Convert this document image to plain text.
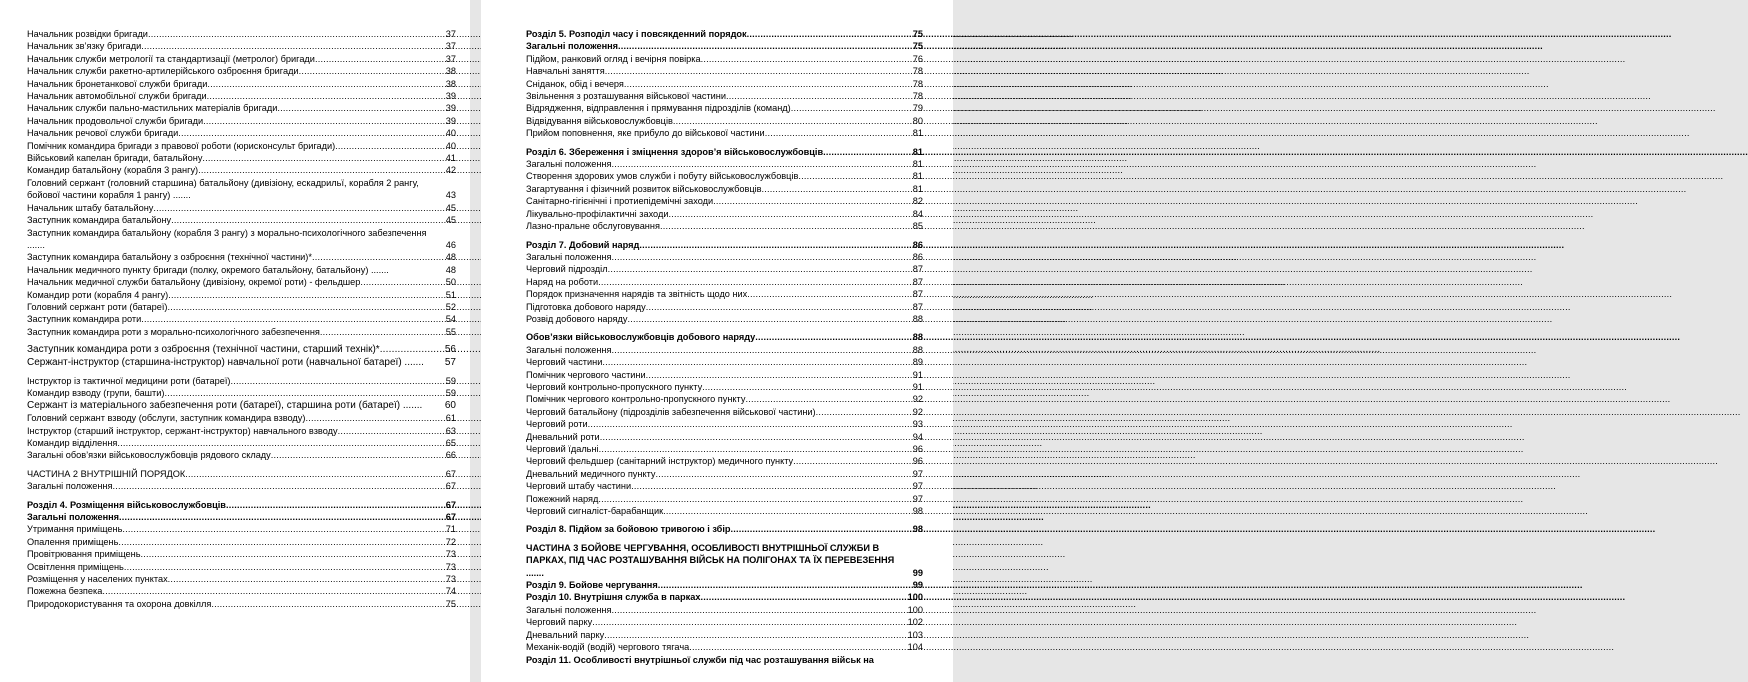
Начальник розвідки бригади .....	37
Начальник зв’язку бригади .....	37
Начальник служби метрології та стандартизації (метролог) бригади .....	37
Начальник служби ракетно-артилерійського озброєння бригади .....	38
Начальник бронетанкової служби бригади .....	38
Начальник автомобільної служби бригади .....	39
Начальник служби пально-мастильних матеріалів бригади .....	39
Начальник продовольчої служби бригади .....	39
Начальник речової служби бригади .....	40
Помічник командира бригади з правової роботи (юрисконсульт бригади) .....	40
Військовий капелан бригади, батальйону .....	41
Командир батальйону (корабля 3 рангу) .....	42
Головний сержант (головний старшина) батальйону (дивізіону, ескадрильї, корабля 2 рангу, бойової частини корабля 1 рангу) .......	43
Начальник штабу батальйону .....	45
Заступник командира батальйону .....	45
Заступник командира батальйону (корабля 3 рангу) з морально-психологічного забезпечення .......	46
Заступник командира батальйону з озброєння (технічної частини)* .....	48
Начальник медичного пункту бригади (полку, окремого батальйону, батальйону) .......	48
Начальник медичної служби батальйону (дивізіону, окремої роти) - фельдшер .....	50
Командир роти (корабля 4 рангу) .....	51
Головний сержант роти (батареї) .....	52
Заступник командира роти .....	54
Заступник командира роти з морально-психологічного забезпечення .....	55
Заступник командира роти з озброєння (технічної частини, старший технік)* .....	56
Сержант-інструктор (старшина-інструктор) навчальної роти (навчальної батареї) .......	57
Інструктор із тактичної медицини роти (батареї) .....	59
Командир взводу (групи, башти) .....	59
Сержант із матеріального забезпечення роти (батареї), старшина роти (батареї) .......	60
Головний сержант взводу (обслуги, заступник командира взводу) .....	61
Інструктор (старший інструктор, сержант-інструктор) навчального взводу .....	63
Командир відділення .....	65
Загальні обов’язки військовослужбовців рядового складу .....	66
ЧАСТИНА 2 ВНУТРІШНІЙ ПОРЯДОК .....	67
Загальні положення .....	67
Розділ 4. Розміщення військовослужбовців .....	67
Загальні положення .....	67
Утримання приміщень .....	71
Опалення приміщень .....	72
Провітрювання приміщень .....	73
Освітлення приміщень .....	73
Розміщення у населених пунктах .....	73
Пожежна безпека .....	74
Природокористування та охорона довкілля .....	75
Розділ 5. Розподіл часу і повсякденний порядок .....	75
Загальні положення .....	75
Підйом, ранковий огляд і вечірня повірка .....	76
Навчальні заняття .....	78
Сніданок, обід і вечеря .....	78
Звільнення з розташування військової частини .....	78
Відрядження, відправлення і прямування підрозділів (команд) .....	79
Відвідування військовослужбовців .....	80
Прийом поповнення, яке прибуло до військової частини .....	81
Розділ 6. Збереження і зміцнення здоров’я військовослужбовців .....	81
Загальні положення .....	81
Створення здорових умов служби і побуту військовослужбовців .....	81
Загартування і фізичний розвиток військовослужбовців .....	81
Санітарно-гігієнічні і протиепідемічні заходи .....	82
Лікувально-профілактичні заходи .....	84
Лазно-пральне обслуговування .....	85
Розділ 7. Добовий наряд .....	86
Загальні положення .....	86
Черговий підрозділ .....	87
Наряд на роботи .....	87
Порядок призначення нарядів та звітність щодо них .....	87
Підготовка добового наряду .....	87
Розвід добового наряду .....	88
Обов’язки військовослужбовців добового наряду .....	88
Загальні положення .....	88
Черговий частини .....	89
Помічник чергового частини .....	91
Черговий контрольно-пропускного пункту .....	91
Помічник чергового контрольно-пропускного пункту .....	92
Черговий батальйону (підрозділів забезпечення військової частини) .....	92
Черговий роти .....	93
Дневальний роти .....	94
Черговий їдальні .....	96
Черговий фельдшер (санітарний інструктор) медичного пункту .....	96
Дневальний медичного пункту .....	97
Черговий штабу частини .....	97
Пожежний наряд .....	97
Черговий сигналіст-барабанщик .....	98
Розділ 8. Підйом за бойовою тривогою і збір .....	98
ЧАСТИНА 3 БОЙОВЕ ЧЕРГУВАННЯ, ОСОБЛИВОСТІ ВНУТРІШНЬОЇ СЛУЖБИ В ПАРКАХ, ПІД ЧАС РОЗТАШУВАННЯ ВІЙСЬК НА ПОЛІГОНАХ ТА ЇХ ПЕРЕВЕЗЕННЯ .......	99
Розділ 9. Бойове чергування .....	99
Розділ 10. Внутрішня служба в парках .....	100
Загальні положення .....	100
Черговий парку .....	102
Дневальний парку .....	103
Механік-водій (водій) чергового тягача .....	104
Розділ 11. Особливості внутрішньої служби під час розташування військ на
